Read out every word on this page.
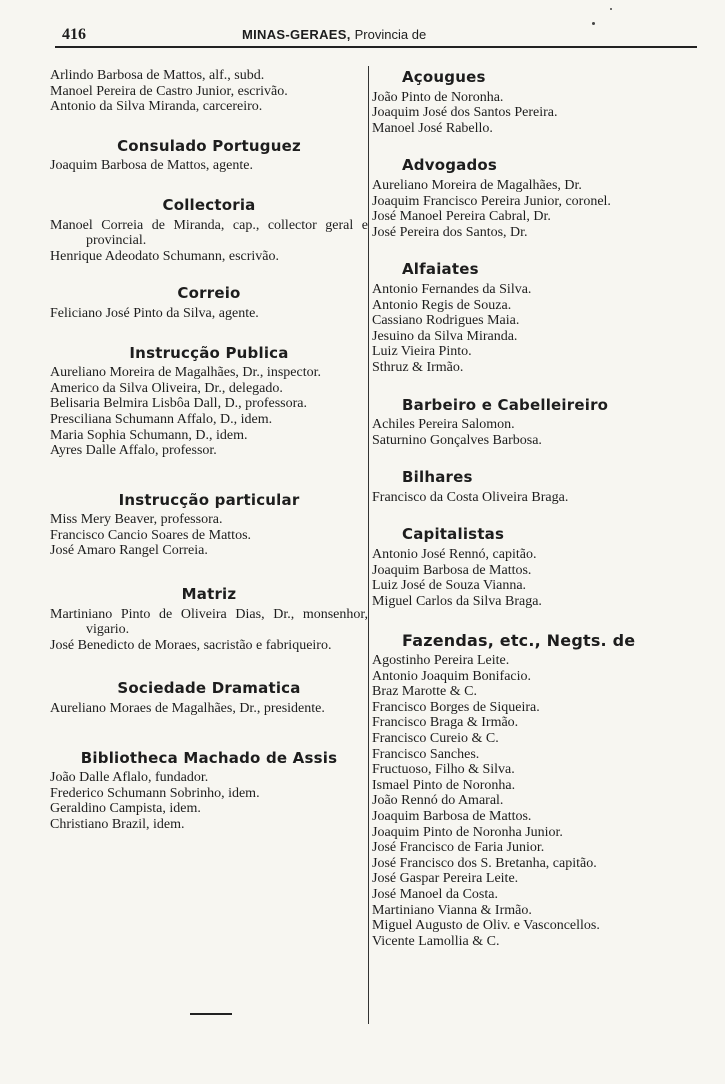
416	MINAS-GERAES, Provincia de

Arlindo Barbosa de Mattos, alf., subd.

Manoel Pereira de Castro Junior, escrivão.

Antonio da Silva Miranda, carcereiro.

Consulado Portuguez

Joaquim Barbosa de Mattos, agente.

Collectoria

Manoel Correia de Miranda, cap., collector geral e provincial.

Henrique Adeodato Schumann, escrivão.

Correio

Feliciano José Pinto da Silva, agente.

Instrucção Publica

Aureliano Moreira de Magalhães, Dr., inspector.

Americo da Silva Oliveira, Dr., delegado.

Belisaria Belmira Lisbôa Dall, D., professora.

Presciliana Schumann Affalo, D., idem.

Maria Sophia Schumann, D., idem.

Ayres Dalle Affalo, professor.

Instrucção particular

Miss Mery Beaver, professora.

Francisco Cancio Soares de Mattos.

José Amaro Rangel Correia.

Matriz

Martiniano Pinto de Oliveira Dias, Dr., monsenhor, vigario.

José Benedicto de Moraes, sacristão e fabriqueiro.

Sociedade Dramatica

Aureliano Moraes de Magalhães, Dr., presidente.

Bibliotheca Machado de Assis

João Dalle Aflalo, fundador.

Frederico Schumann Sobrinho, idem.

Geraldino Campista, idem.

Christiano Brazil, idem.

Açougues

João Pinto de Noronha.

Joaquim José dos Santos Pereira.

Manoel José Rabello.

Advogados

Aureliano Moreira de Magalhães, Dr.

Joaquim Francisco Pereira Junior, coronel.

José Manoel Pereira Cabral, Dr.

José Pereira dos Santos, Dr.

Alfaiates

Antonio Fernandes da Silva.

Antonio Regis de Souza.

Cassiano Rodrigues Maia.

Jesuino da Silva Miranda.

Luiz Vieira Pinto.

Sthruz & Irmão.

Barbeiro e Cabelleireiro

Achiles Pereira Salomon.

Saturnino Gonçalves Barbosa.

Bilhares

Francisco da Costa Oliveira Braga.

Capitalistas

Antonio José Rennó, capitão.

Joaquim Barbosa de Mattos.

Luiz José de Souza Vianna.

Miguel Carlos da Silva Braga.

Fazendas, etc., Negts. de

Agostinho Pereira Leite.

Antonio Joaquim Bonifacio.

Braz Marotte & C.

Francisco Borges de Siqueira.

Francisco Braga & Irmão.

Francisco Cureio & C.

Francisco Sanches.

Fructuoso, Filho & Silva.

Ismael Pinto de Noronha.

João Rennó do Amaral.

Joaquim Barbosa de Mattos.

Joaquim Pinto de Noronha Junior.

José Francisco de Faria Junior.

José Francisco dos S. Bretanha, capitão.

José Gaspar Pereira Leite.

José Manoel da Costa.

Martiniano Vianna & Irmão.

Miguel Augusto de Oliv. e Vasconcellos.

Vicente Lamollia & C.
